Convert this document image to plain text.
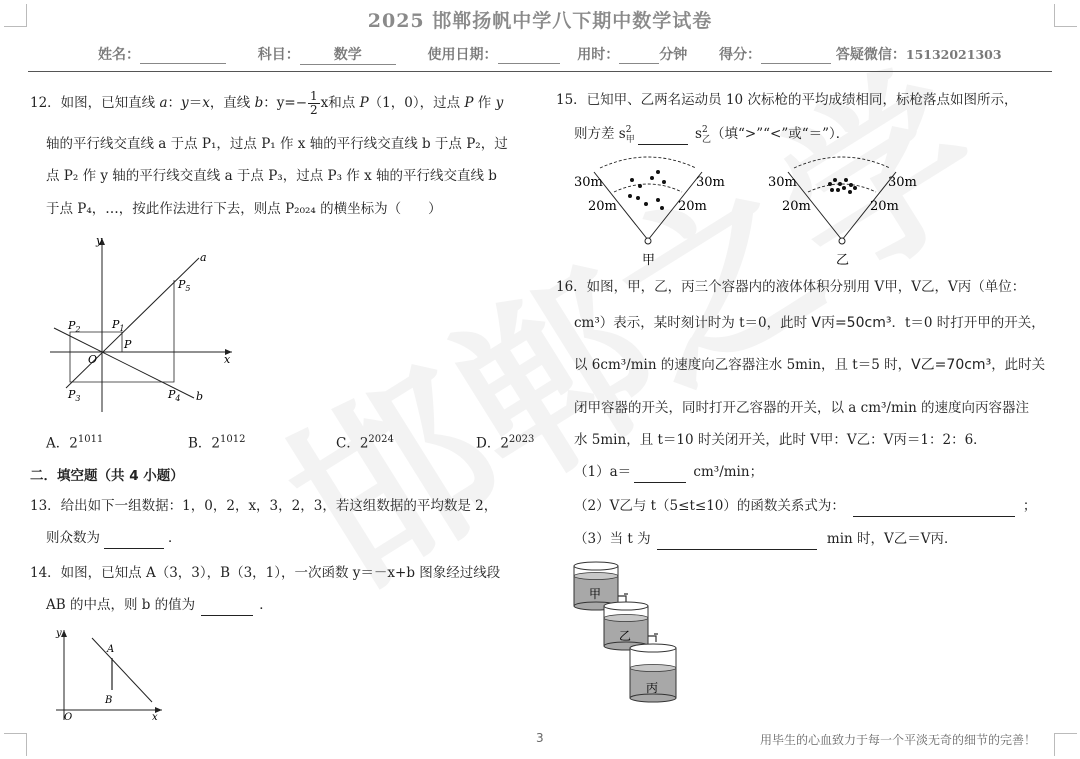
2025 邯郸扬帆中学八下期中数学试卷
姓名：	科目： 数学	使用日期：	用时：	分钟 得分：	答疑微信：15132021303
12．如图，已知直线 a：y＝x，直线 b：$y=- \frac{1}{2}$ x和点 P（1，0），过点 P 作 y
轴的平行线交直线 a 于点 P₁，过点 P₁ 作 x 轴的平行线交直线 b 于点 P₂，过
点 P₂ 作 y 轴的平行线交直线 a 于点 P₃，过点 P₃ 作 x 轴的平行线交直线 b
于点 P₄，…，按此作法进行下去，则点 P₂₀₂₄ 的横坐标为（　　）
y
a
b
x
O
P
$P_1$
$P_2$
$P_3$	$P_4$
$P_5$
A．$2^{1011}$	B．$2^{1012}$	C．$2^{2024}$	D．$2^{2023}$
二．填空题（共 4 小题）
13．给出如下一组数据：1，0，2，x，3，2，3，若这组数据的平均数是 2，
则众数为	．
14．如图，已知点 A（3，3），B（3，1），一次函数 y＝－x+b 图象经过线段
AB 的中点，则 b 的值为	．
y
A
B
O	x
15．已知甲、乙两名运动员 10 次标枪的平均成绩相同，标枪落点如图所示，
则方差 s 2
甲	s 2
乙 （填“>”“<”或“＝”）．
30m	30m
20m	20m
甲
30m	30m
20m	20m
乙
16．如图，甲，乙，丙三个容器内的液体体积分别用 V甲，V乙，V丙（单位：
cm³）表示，某时刻计时为 t＝0，此时 V丙=50cm³．t＝0 时打开甲的开关，
以 6cm³/min 的速度向乙容器注水 5min，且 t＝5 时，V乙=70cm³，此时关
闭甲容器的开关，同时打开乙容器的开关，以 a cm³/min 的速度向丙容器注
水 5min，且 t＝10 时关闭开关，此时 V甲：V乙：V丙＝1：2：6．
（1）a＝	cm³/min；
（2）V乙与 t（5≤t≤10）的函数关系式为：	；
（3）当 t 为	min 时，V乙＝V丙．
甲
乙
丙
3	用毕生的心血致力于每一个平淡无奇的细节的完善！
